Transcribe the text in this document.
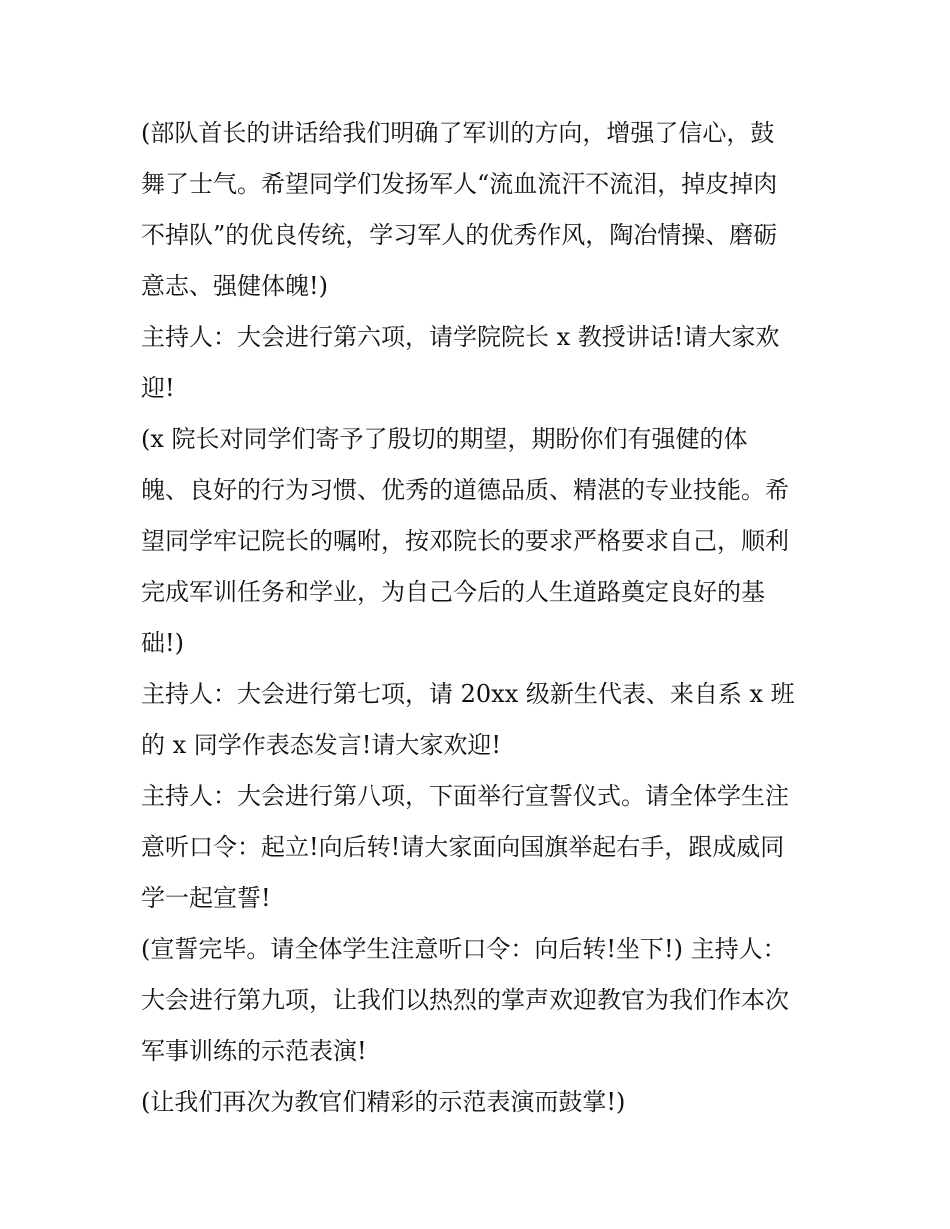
(部队首长的讲话给我们明确了军训的方向，增强了信心，鼓
舞了士气。希望同学们发扬军人“流血流汗不流泪，掉皮掉肉
不掉队”的优良传统，学习军人的优秀作风，陶冶情操、磨砺
意志、强健体魄!)
主持人：大会进行第六项，请学院院长 x 教授讲话!请大家欢
迎!
(x 院长对同学们寄予了殷切的期望，期盼你们有强健的体
魄、良好的行为习惯、优秀的道德品质、精湛的专业技能。希
望同学牢记院长的嘱咐，按邓院长的要求严格要求自己，顺利
完成军训任务和学业，为自己今后的人生道路奠定良好的基
础!)
主持人：大会进行第七项，请 20xx 级新生代表、来自系 x 班
的 x 同学作表态发言!请大家欢迎!
主持人：大会进行第八项，下面举行宣誓仪式。请全体学生注
意听口令：起立!向后转!请大家面向国旗举起右手，跟成威同
学一起宣誓!
(宣誓完毕。请全体学生注意听口令：向后转!坐下!) 主持人：
大会进行第九项，让我们以热烈的掌声欢迎教官为我们作本次
军事训练的示范表演!
(让我们再次为教官们精彩的示范表演而鼓掌!)
